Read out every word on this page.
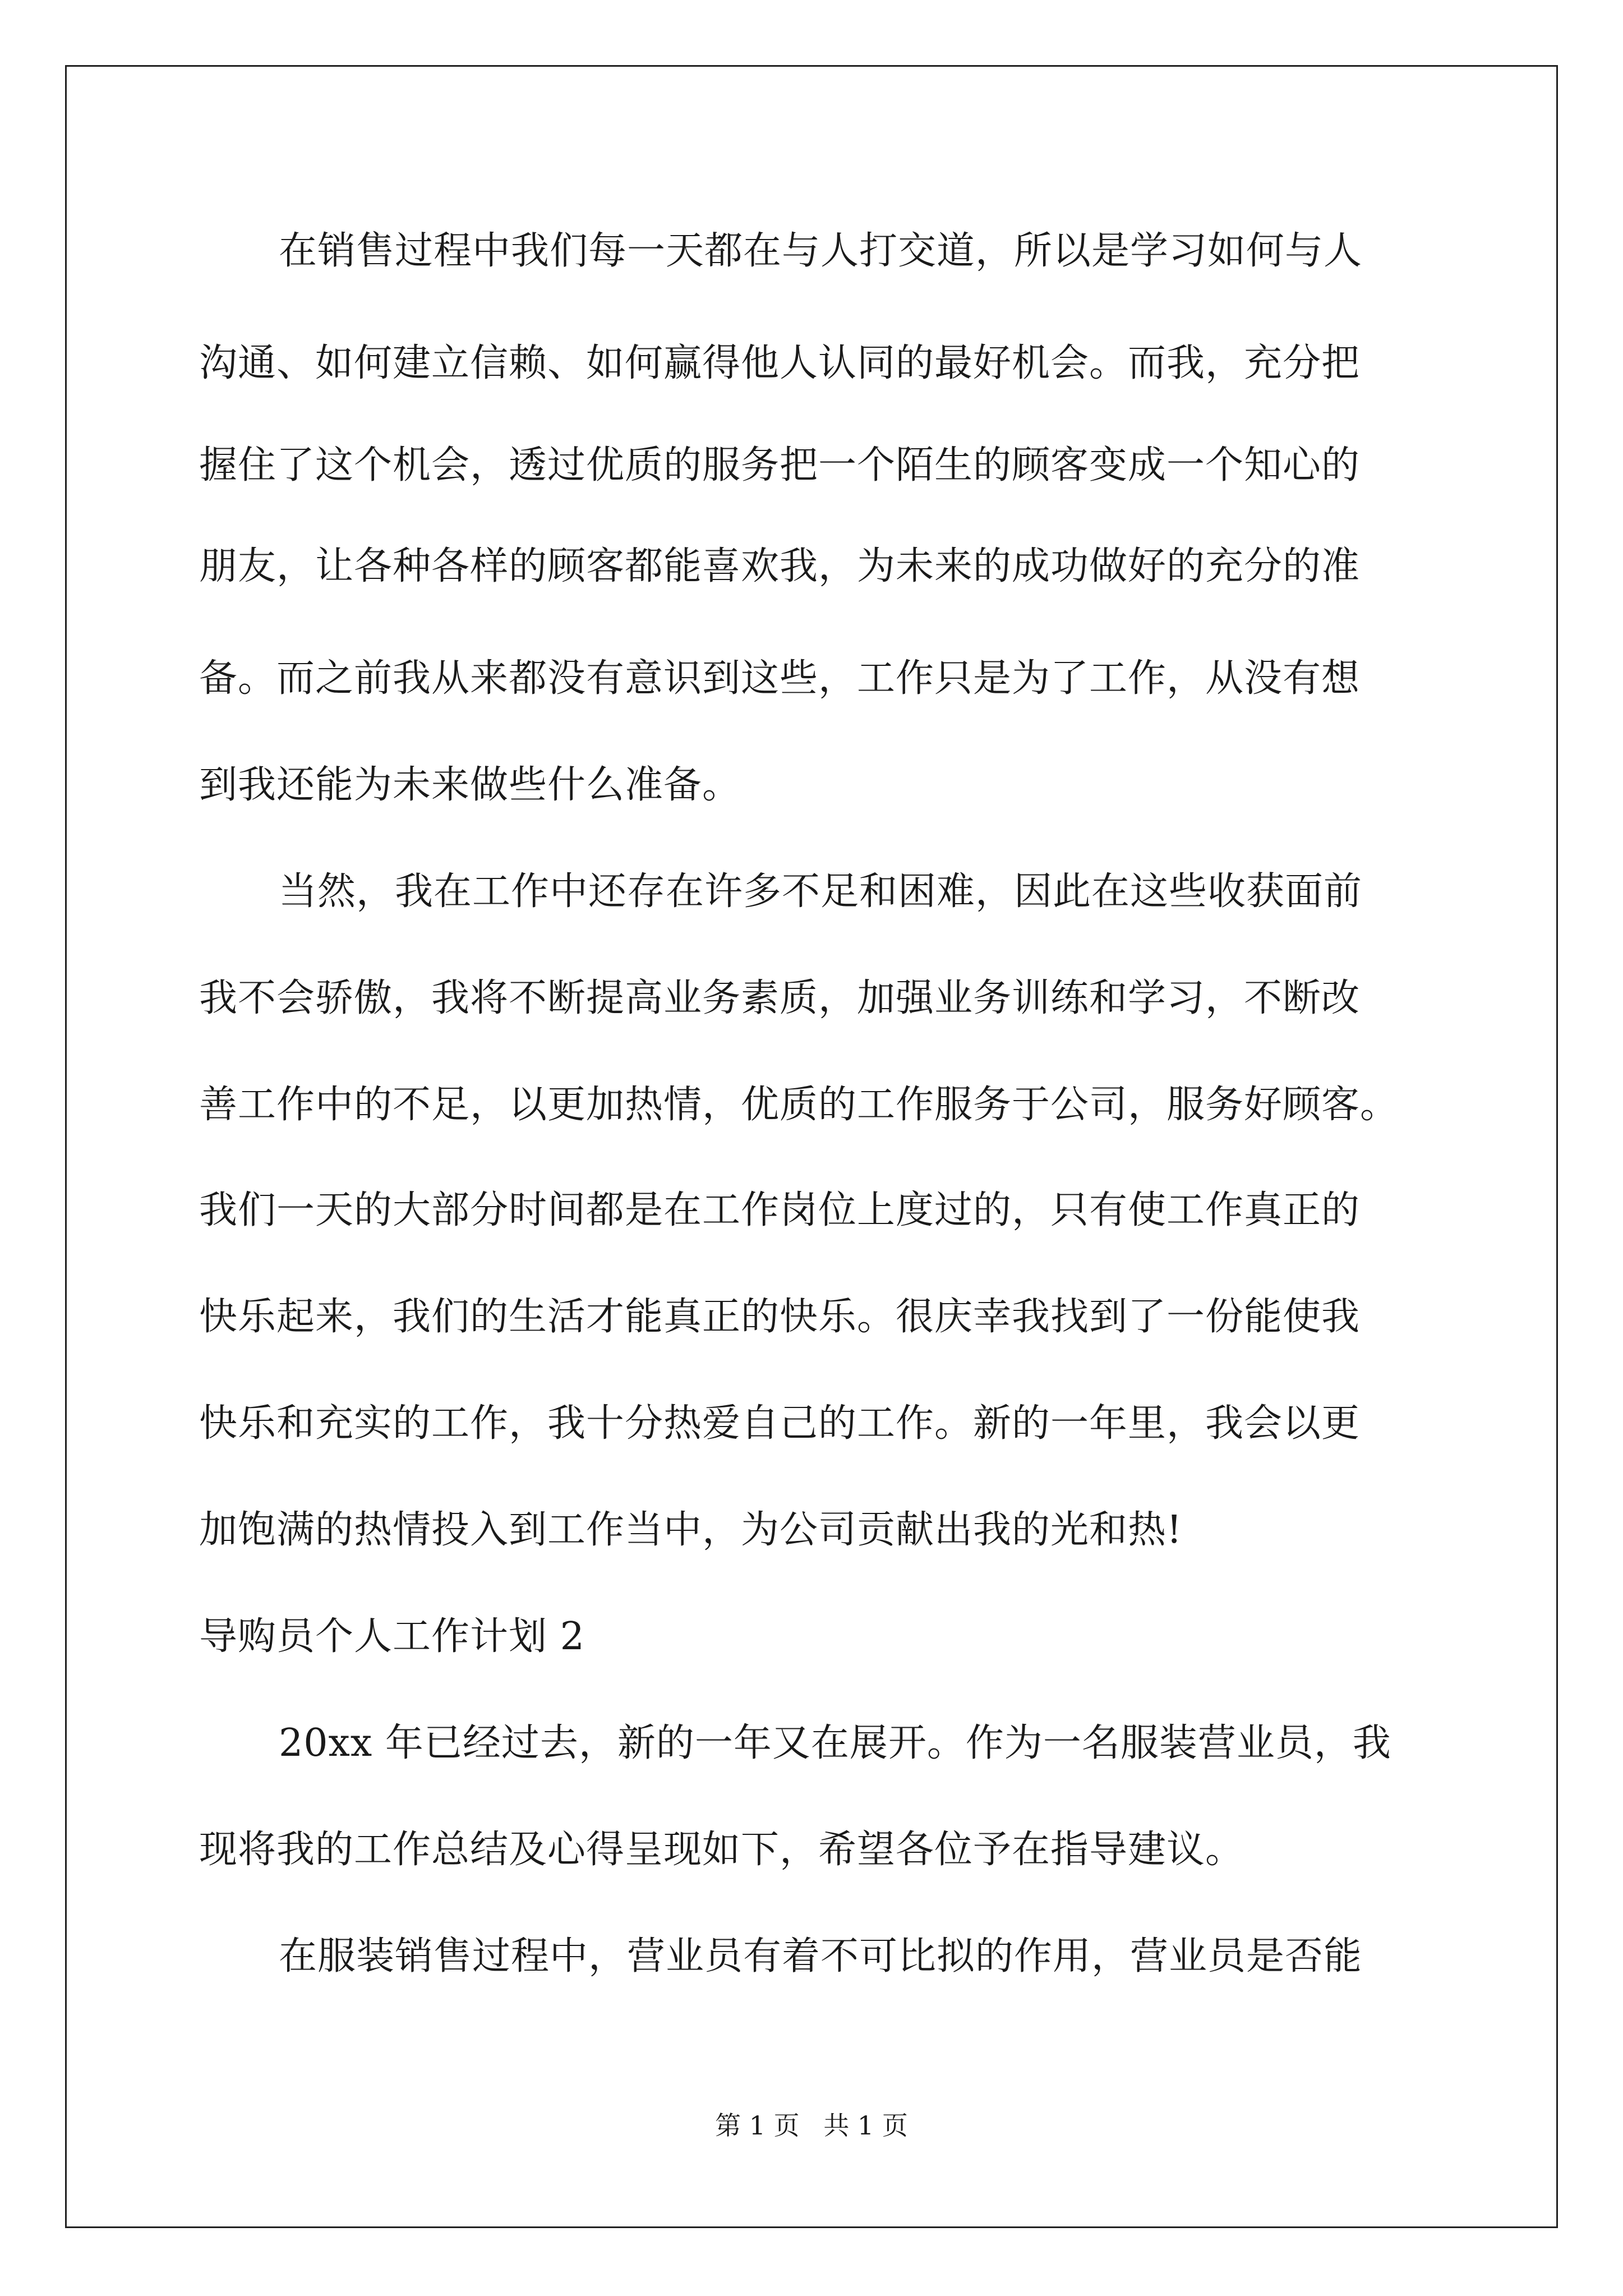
在销售过程中我们每一天都在与人打交道，所以是学习如何与人
沟通、如何建立信赖、如何赢得他人认同的最好机会。而我，充分把
握住了这个机会，透过优质的服务把一个陌生的顾客变成一个知心的
朋友，让各种各样的顾客都能喜欢我，为未来的成功做好的充分的准
备。而之前我从来都没有意识到这些，工作只是为了工作，从没有想
到我还能为未来做些什么准备。
当然，我在工作中还存在许多不足和困难，因此在这些收获面前
我不会骄傲，我将不断提高业务素质，加强业务训练和学习，不断改
善工作中的不足，以更加热情，优质的工作服务于公司，服务好顾客。
我们一天的大部分时间都是在工作岗位上度过的，只有使工作真正的
快乐起来，我们的生活才能真正的快乐。很庆幸我找到了一份能使我
快乐和充实的工作，我十分热爱自己的工作。新的一年里，我会以更
加饱满的热情投入到工作当中，为公司贡献出我的光和热!
导购员个人工作计划 2
20xx 年已经过去，新的一年又在展开。作为一名服装营业员，我
现将我的工作总结及心得呈现如下，希望各位予在指导建议。
在服装销售过程中，营业员有着不可比拟的作用，营业员是否能
第 1 页 共 1 页
